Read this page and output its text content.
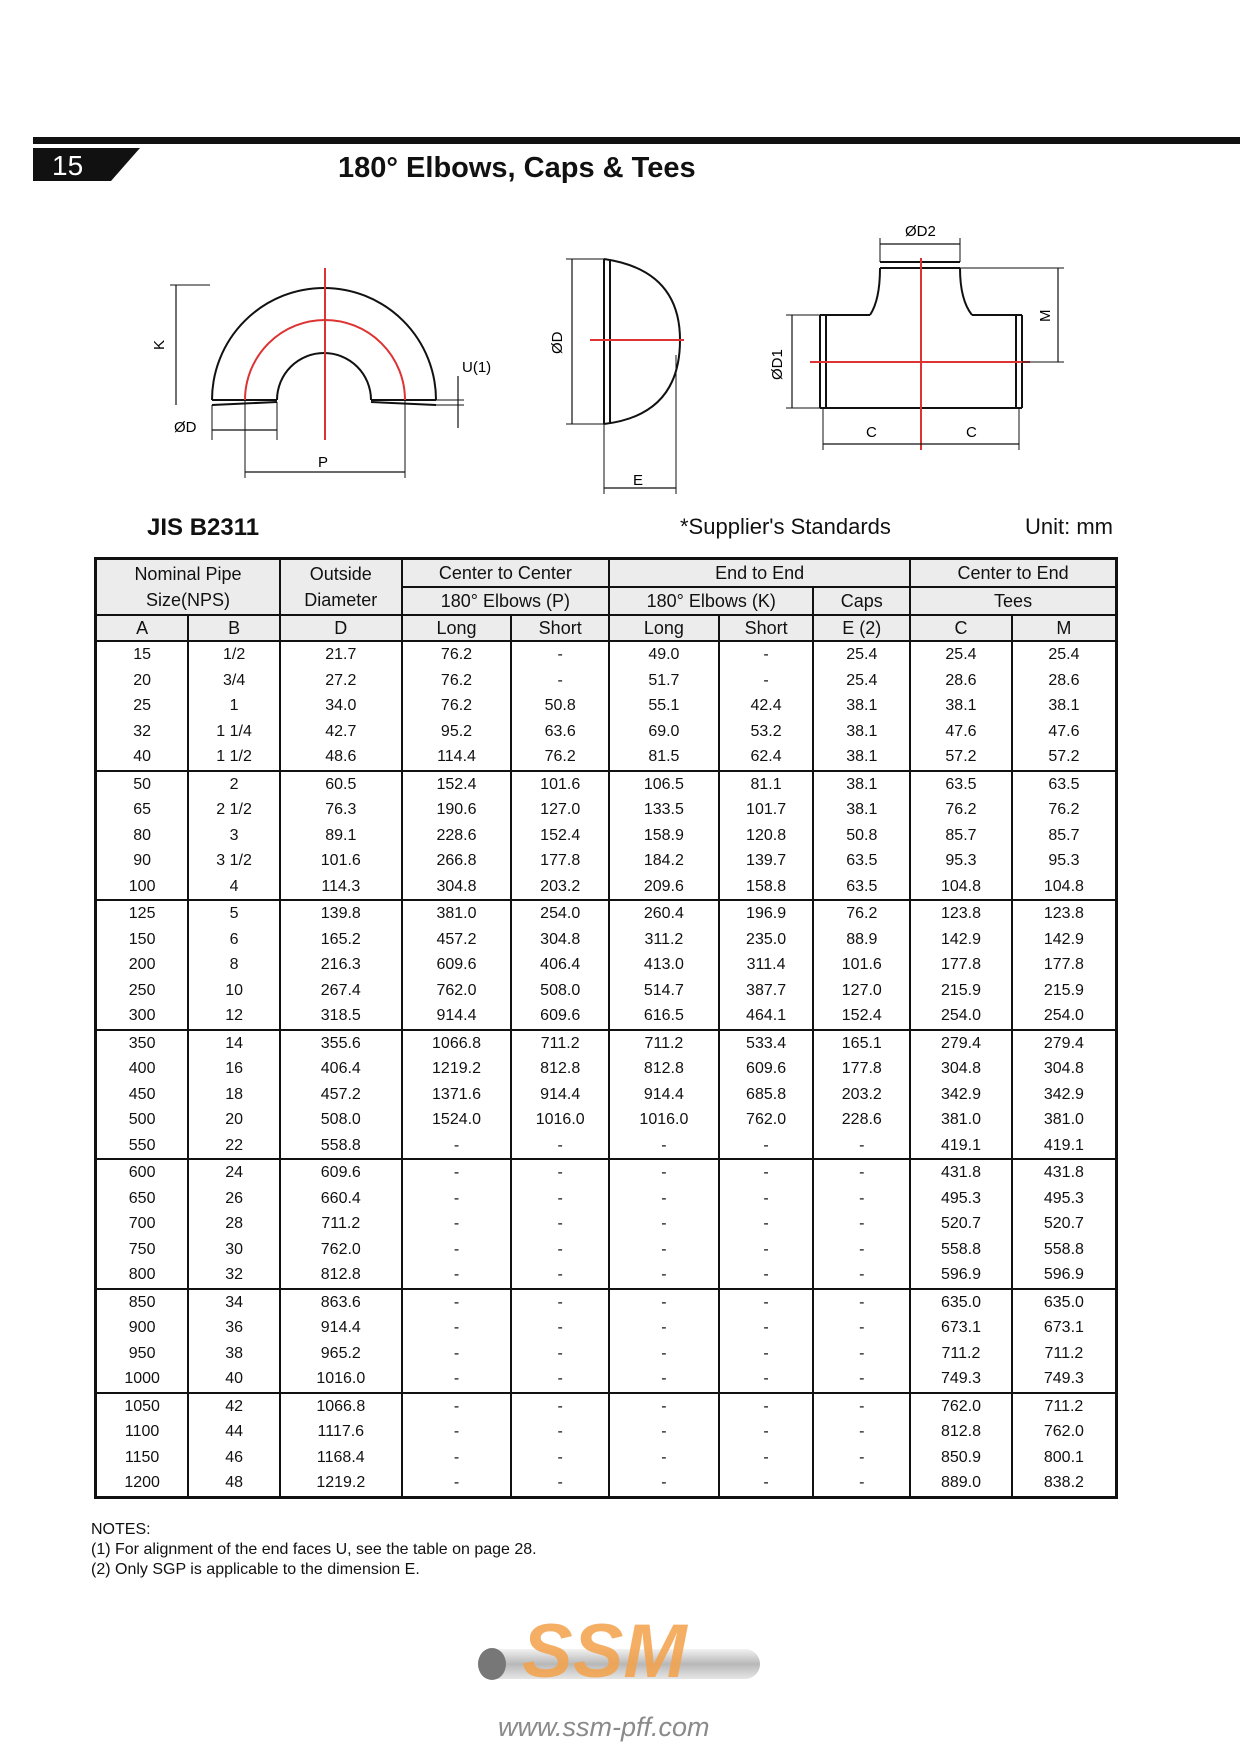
15	180° Elbows, Caps & Tees
K
ØD
P
U(1)
ØD
E
ØD2
M
ØD1
C	C
JIS B2311	*Supplier's Standards	Unit: mm
Nominal Pipe
Size(NPS)		Outside
Diameter	Center to Center		End to End			Center to End	
			180° Elbows (P)		180° Elbows (K)		Caps	Tees	
A	B	D	Long	Short	Long	Short	E (2)	C	M
15	1/2	21.7	76.2	-	49.0	-	25.4	25.4	25.4
20	3/4	27.2	76.2	-	51.7	-	25.4	28.6	28.6
25	1	34.0	76.2	50.8	55.1	42.4	38.1	38.1	38.1
32	1 1/4	42.7	95.2	63.6	69.0	53.2	38.1	47.6	47.6
40	1 1/2	48.6	114.4	76.2	81.5	62.4	38.1	57.2	57.2
50	2	60.5	152.4	101.6	106.5	81.1	38.1	63.5	63.5
65	2 1/2	76.3	190.6	127.0	133.5	101.7	38.1	76.2	76.2
80	3	89.1	228.6	152.4	158.9	120.8	50.8	85.7	85.7
90	3 1/2	101.6	266.8	177.8	184.2	139.7	63.5	95.3	95.3
100	4	114.3	304.8	203.2	209.6	158.8	63.5	104.8	104.8
125	5	139.8	381.0	254.0	260.4	196.9	76.2	123.8	123.8
150	6	165.2	457.2	304.8	311.2	235.0	88.9	142.9	142.9
200	8	216.3	609.6	406.4	413.0	311.4	101.6	177.8	177.8
250	10	267.4	762.0	508.0	514.7	387.7	127.0	215.9	215.9
300	12	318.5	914.4	609.6	616.5	464.1	152.4	254.0	254.0
350	14	355.6	1066.8	711.2	711.2	533.4	165.1	279.4	279.4
400	16	406.4	1219.2	812.8	812.8	609.6	177.8	304.8	304.8
450	18	457.2	1371.6	914.4	914.4	685.8	203.2	342.9	342.9
500	20	508.0	1524.0	1016.0	1016.0	762.0	228.6	381.0	381.0
550	22	558.8	-	-	-	-	-	419.1	419.1
600	24	609.6	-	-	-	-	-	431.8	431.8
650	26	660.4	-	-	-	-	-	495.3	495.3
700	28	711.2	-	-	-	-	-	520.7	520.7
750	30	762.0	-	-	-	-	-	558.8	558.8
800	32	812.8	-	-	-	-	-	596.9	596.9
850	34	863.6	-	-	-	-	-	635.0	635.0
900	36	914.4	-	-	-	-	-	673.1	673.1
950	38	965.2	-	-	-	-	-	711.2	711.2
1000	40	1016.0	-	-	-	-	-	749.3	749.3
1050	42	1066.8	-	-	-	-	-	762.0	711.2
1100	44	1117.6	-	-	-	-	-	812.8	762.0
1150	46	1168.4	-	-	-	-	-	850.9	800.1
1200	48	1219.2	-	-	-	-	-	889.0	838.2
NOTES:
(1) For alignment of the end faces U, see the table on page 28.
(2) Only SGP is applicable to the dimension E.
SSM
www.ssm-pff.com
